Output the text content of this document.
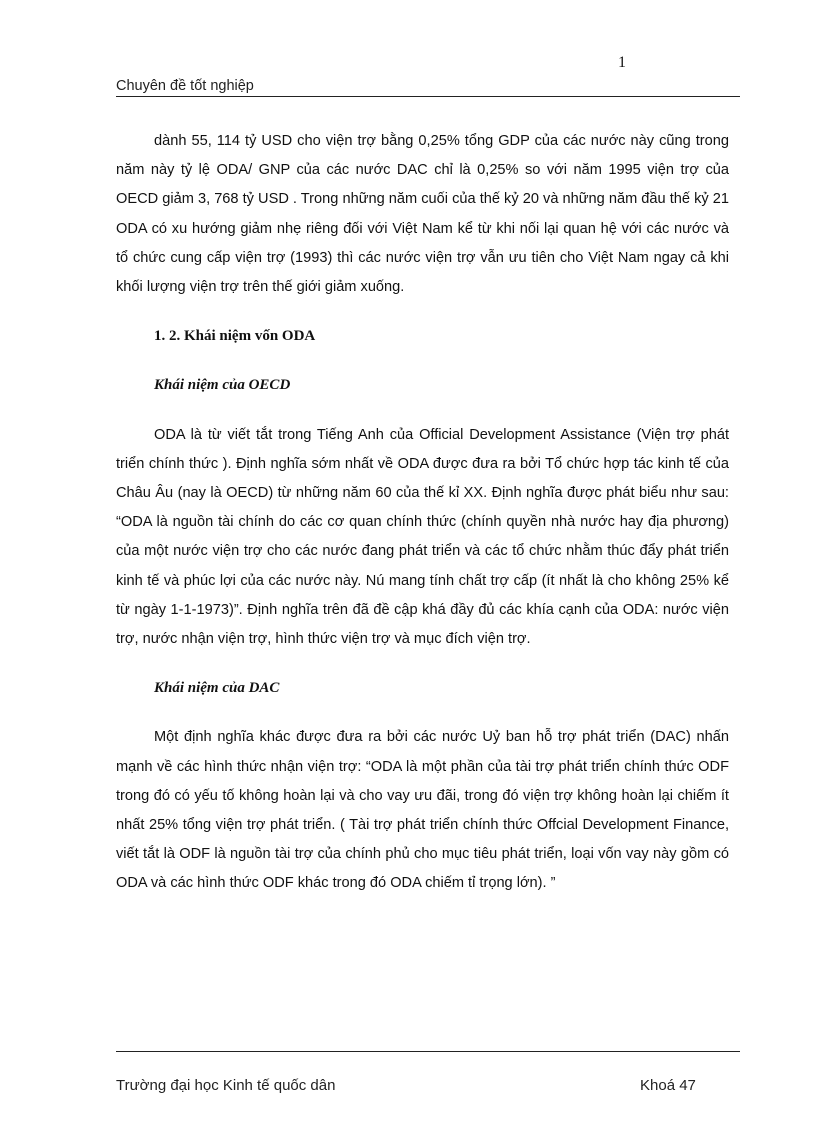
1
Chuyên đề tốt nghiệp

dành 55, 114 tỷ USD cho viện trợ bằng 0,25% tổng GDP của các nước này cũng trong năm này tỷ lệ ODA/ GNP của các nước DAC chỉ là 0,25% so với năm 1995 viện trợ của OECD giảm 3, 768 tỷ USD . Trong những năm cuối của thế kỷ 20 và những năm đầu thế kỷ 21 ODA có xu hướng giảm nhẹ riêng đối với Việt Nam kể từ khi nối lại quan hệ với các nước và tổ chức cung cấp viện trợ (1993) thì các nước viện trợ vẫn ưu tiên cho Việt Nam ngay cả khi khối lượng viện trợ trên thế giới giảm xuống.

1. 2. Khái niệm vốn ODA

Khái niệm của OECD

ODA là từ viết tắt trong Tiếng Anh của Official Development Assistance (Viện trợ phát triển chính thức ). Định nghĩa sớm nhất về ODA được đưa ra bởi Tổ chức hợp tác kinh tế của Châu Âu (nay là OECD) từ những năm 60 của thế kỉ XX. Định nghĩa được phát biểu như sau: “ODA là nguồn tài chính do các cơ quan chính thức (chính quyền nhà nước hay địa phương) của một nước viện trợ cho các nước đang phát triển và các tổ chức nhằm thúc đẩy phát triển kinh tế và phúc lợi của các nước này. Nú mang tính chất trợ cấp (ít nhất là cho không 25% kể từ ngày 1-1-1973)”. Định nghĩa trên đã đề cập khá đầy đủ các khía cạnh của ODA: nước viện trợ, nước nhận viện trợ, hình thức viện trợ và mục đích viện trợ.

Khái niệm của DAC

Một định nghĩa khác được đưa ra bởi các nước Uỷ ban hỗ trợ phát triển (DAC) nhấn mạnh về các hình thức nhận viện trợ: “ODA là một phần của tài trợ phát triển chính thức ODF trong đó có yếu tố không hoàn lại và cho vay ưu đãi, trong đó viện trợ không hoàn lại chiếm ít nhất 25% tổng viện trợ phát triển. ( Tài trợ phát triển chính thức Offcial Development Finance, viết tắt là ODF là nguồn tài trợ của chính phủ cho mục tiêu phát triển, loại vốn vay này gồm có ODA và các hình thức ODF khác trong đó ODA chiếm tỉ trọng lớn). ”

Trường đại học Kinh tế quốc dân	Khoá 47
